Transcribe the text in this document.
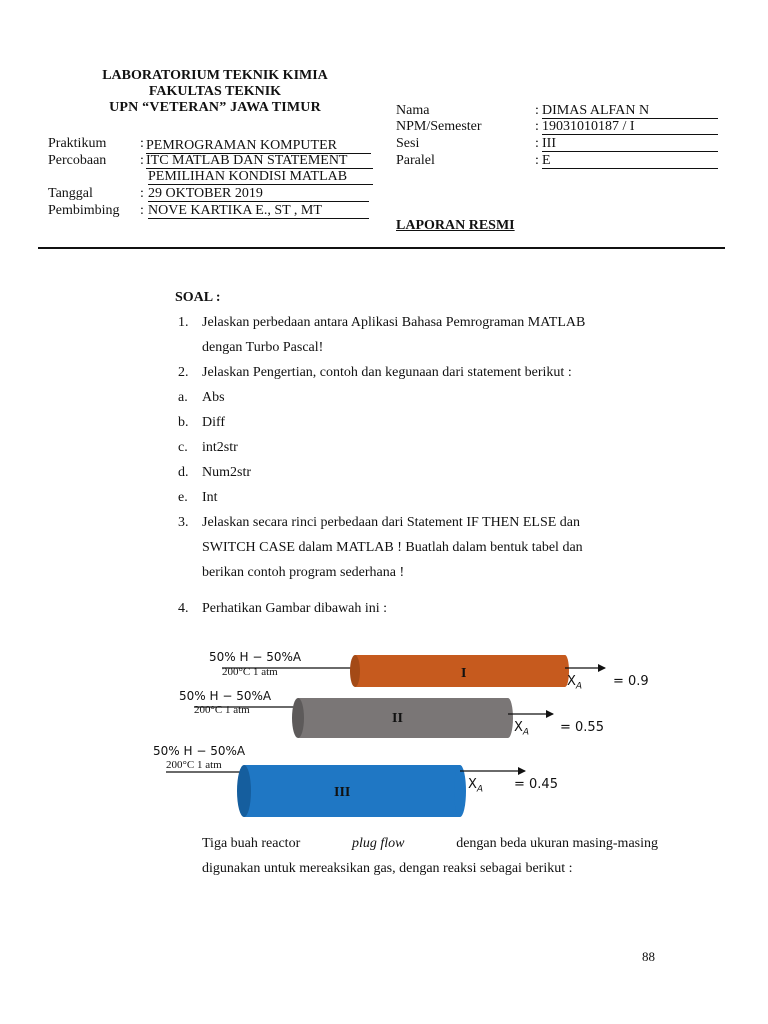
LABORATORIUM TEKNIK KIMIA
FAKULTAS TEKNIK
UPN “VETERAN” JAWA TIMUR
Praktikum : PEMROGRAMAN KOMPUTER
Percobaan : ITC MATLAB DAN STATEMENT
PEMILIHAN KONDISI MATLAB
Tanggal	: 29 OKTOBER 2019
Pembimbing : NOVE KARTIKA E., ST , MT
Nama	: DIMAS ALFAN N
NPM/Semester	: 19031010187 / I
Sesi	: III
Paralel	: E
LAPORAN RESMI
SOAL :
1. Jelaskan perbedaan antara Aplikasi Bahasa Pemrograman MATLAB
dengan Turbo Pascal!
2. Jelaskan Pengertian, contoh dan kegunaan dari statement berikut :
a. Abs
b. Diff
c. int2str
d. Num2str
e. Int
3. Jelaskan secara rinci perbedaan dari Statement IF THEN ELSE dan
SWITCH CASE dalam MATLAB ! Buatlah dalam bentuk tabel dan
berikan contoh program sederhana !
4. Perhatikan Gambar dibawah ini :
50% H − 50%A
200°C 1 atm
50% H − 50%A
200°C 1 atm
50% H − 50%A
200°C 1 atm
I
II
III
$X_A = 0.9$
$X_A = 0.55$
$X_A = 0.45$
Tiga buah reactor	plug flow	dengan beda ukuran masing-masing
digunakan untuk mereaksikan gas, dengan reaksi sebagai berikut :
88
